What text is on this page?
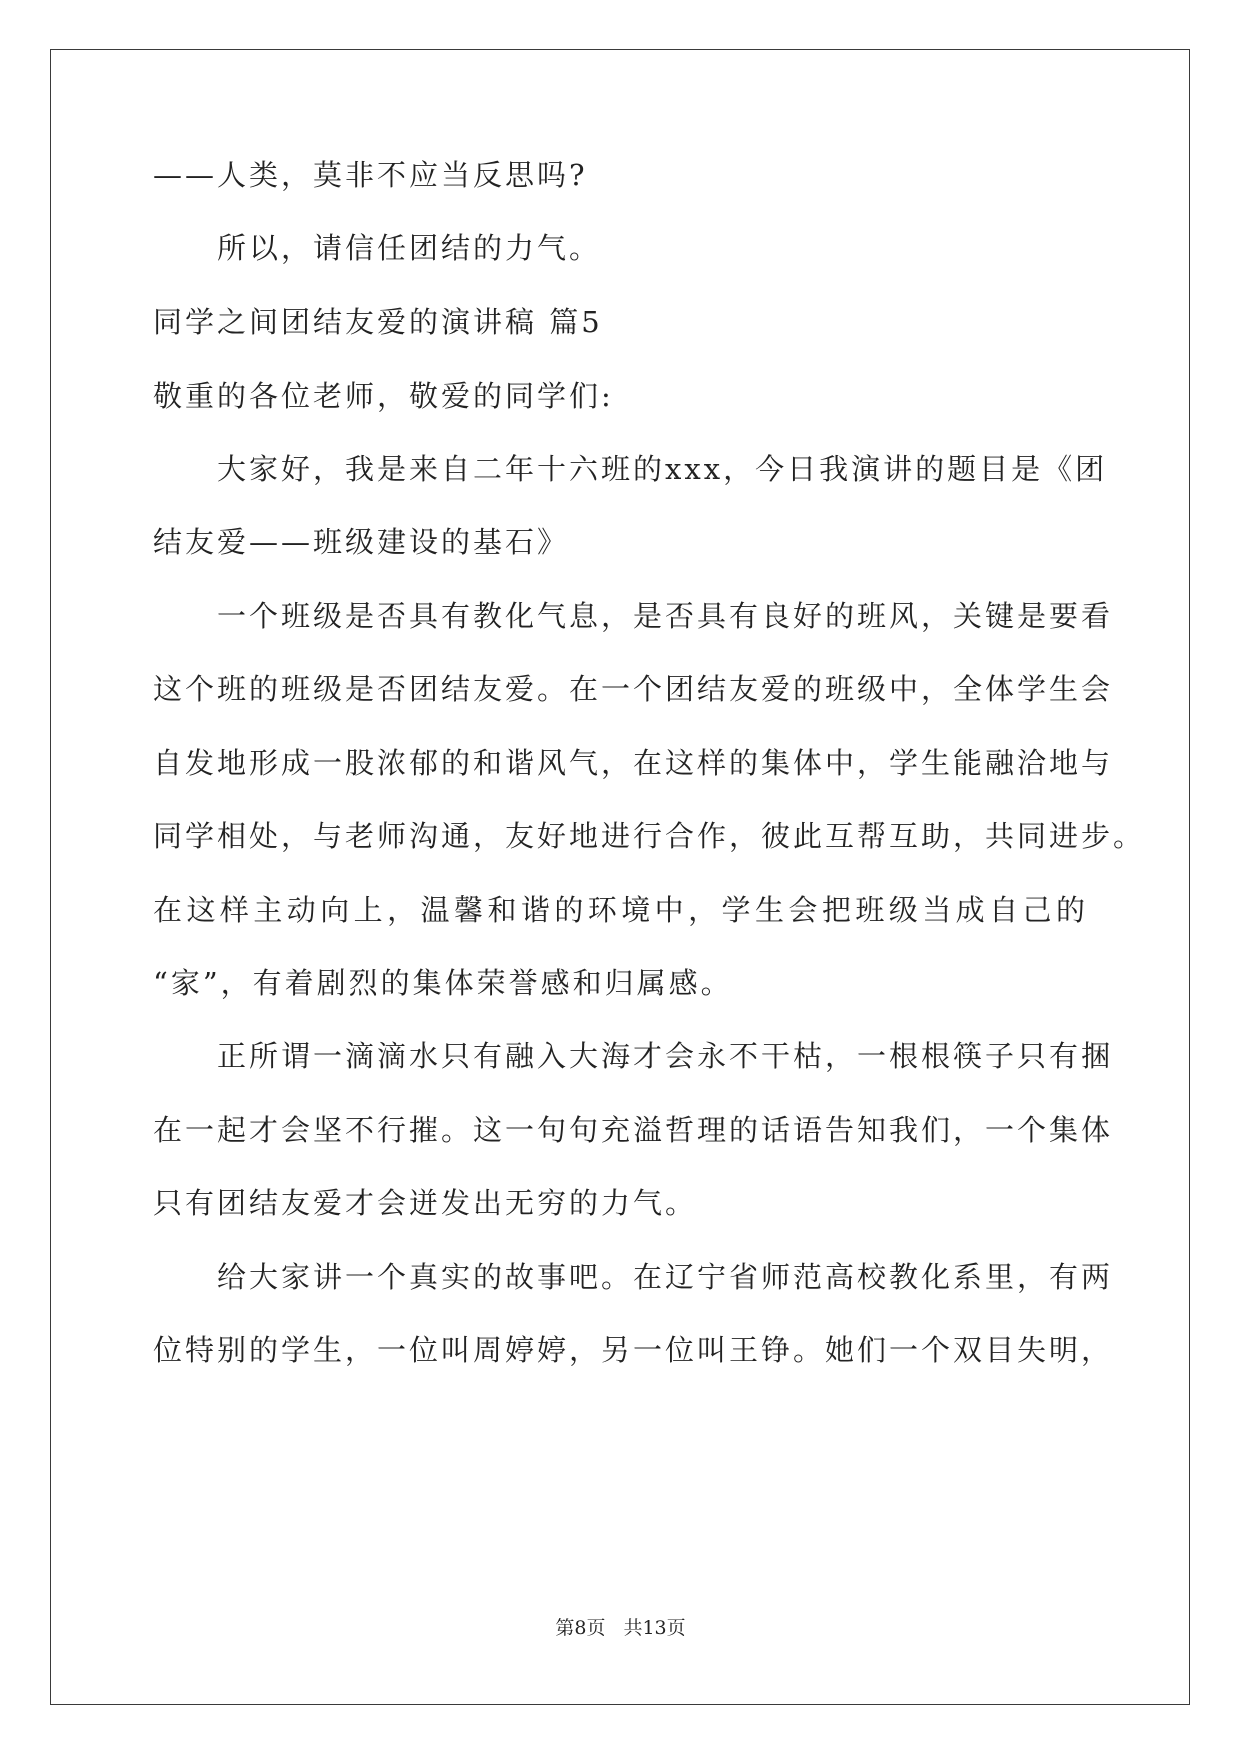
——人类，莫非不应当反思吗?

所以，请信任团结的力气。

同学之间团结友爱的演讲稿 篇5

敬重的各位老师，敬爱的同学们:

大家好，我是来自二年十六班的xxx，今日我演讲的题目是《团

结友爱——班级建设的基石》

一个班级是否具有教化气息，是否具有良好的班风，关键是要看

这个班的班级是否团结友爱。在一个团结友爱的班级中，全体学生会

自发地形成一股浓郁的和谐风气，在这样的集体中，学生能融洽地与

同学相处，与老师沟通，友好地进行合作，彼此互帮互助，共同进步。

在这样主动向上，温馨和谐的环境中，学生会把班级当成自己的

“家”，有着剧烈的集体荣誉感和归属感。

正所谓一滴滴水只有融入大海才会永不干枯，一根根筷子只有捆

在一起才会坚不行摧。这一句句充溢哲理的话语告知我们，一个集体

只有团结友爱才会迸发出无穷的力气。

给大家讲一个真实的故事吧。在辽宁省师范高校教化系里，有两

位特别的学生，一位叫周婷婷，另一位叫王铮。她们一个双目失明，

第8页 共13页
